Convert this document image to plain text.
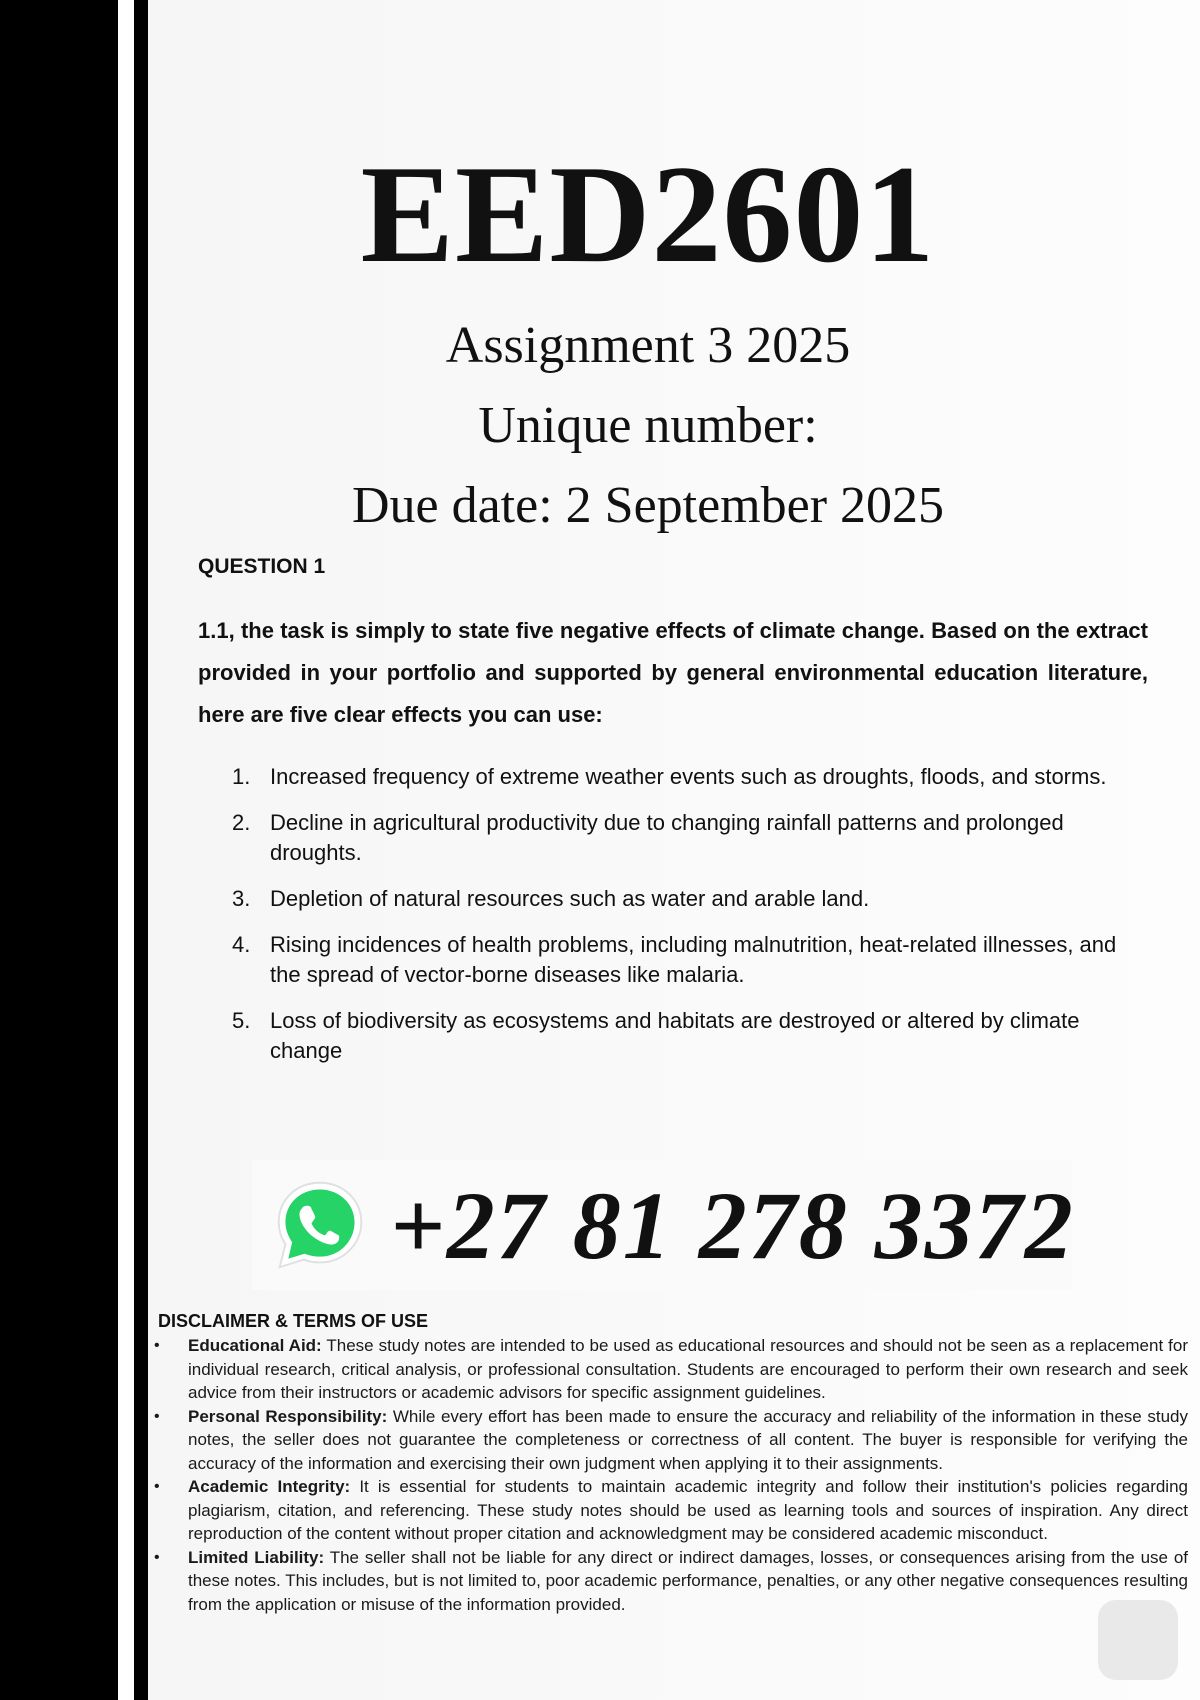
EED2601
Assignment 3 2025
Unique number:
Due date: 2 September 2025
QUESTION 1
1.1, the task is simply to state five negative effects of climate change. Based on the extract provided in your portfolio and supported by general environmental education literature, here are five clear effects you can use:
1. Increased frequency of extreme weather events such as droughts, floods, and storms.
2. Decline in agricultural productivity due to changing rainfall patterns and prolonged droughts.
3. Depletion of natural resources such as water and arable land.
4. Rising incidences of health problems, including malnutrition, heat-related illnesses, and the spread of vector-borne diseases like malaria.
5. Loss of biodiversity as ecosystems and habitats are destroyed or altered by climate change
+27 81 278 3372
DISCLAIMER & TERMS OF USE
• Educational Aid: These study notes are intended to be used as educational resources and should not be seen as a replacement for individual research, critical analysis, or professional consultation. Students are encouraged to perform their own research and seek advice from their instructors or academic advisors for specific assignment guidelines.
• Personal Responsibility: While every effort has been made to ensure the accuracy and reliability of the information in these study notes, the seller does not guarantee the completeness or correctness of all content. The buyer is responsible for verifying the accuracy of the information and exercising their own judgment when applying it to their assignments.
• Academic Integrity: It is essential for students to maintain academic integrity and follow their institution's policies regarding plagiarism, citation, and referencing. These study notes should be used as learning tools and sources of inspiration. Any direct reproduction of the content without proper citation and acknowledgment may be considered academic misconduct.
• Limited Liability: The seller shall not be liable for any direct or indirect damages, losses, or consequences arising from the use of these notes. This includes, but is not limited to, poor academic performance, penalties, or any other negative consequences resulting from the application or misuse of the information provided.
